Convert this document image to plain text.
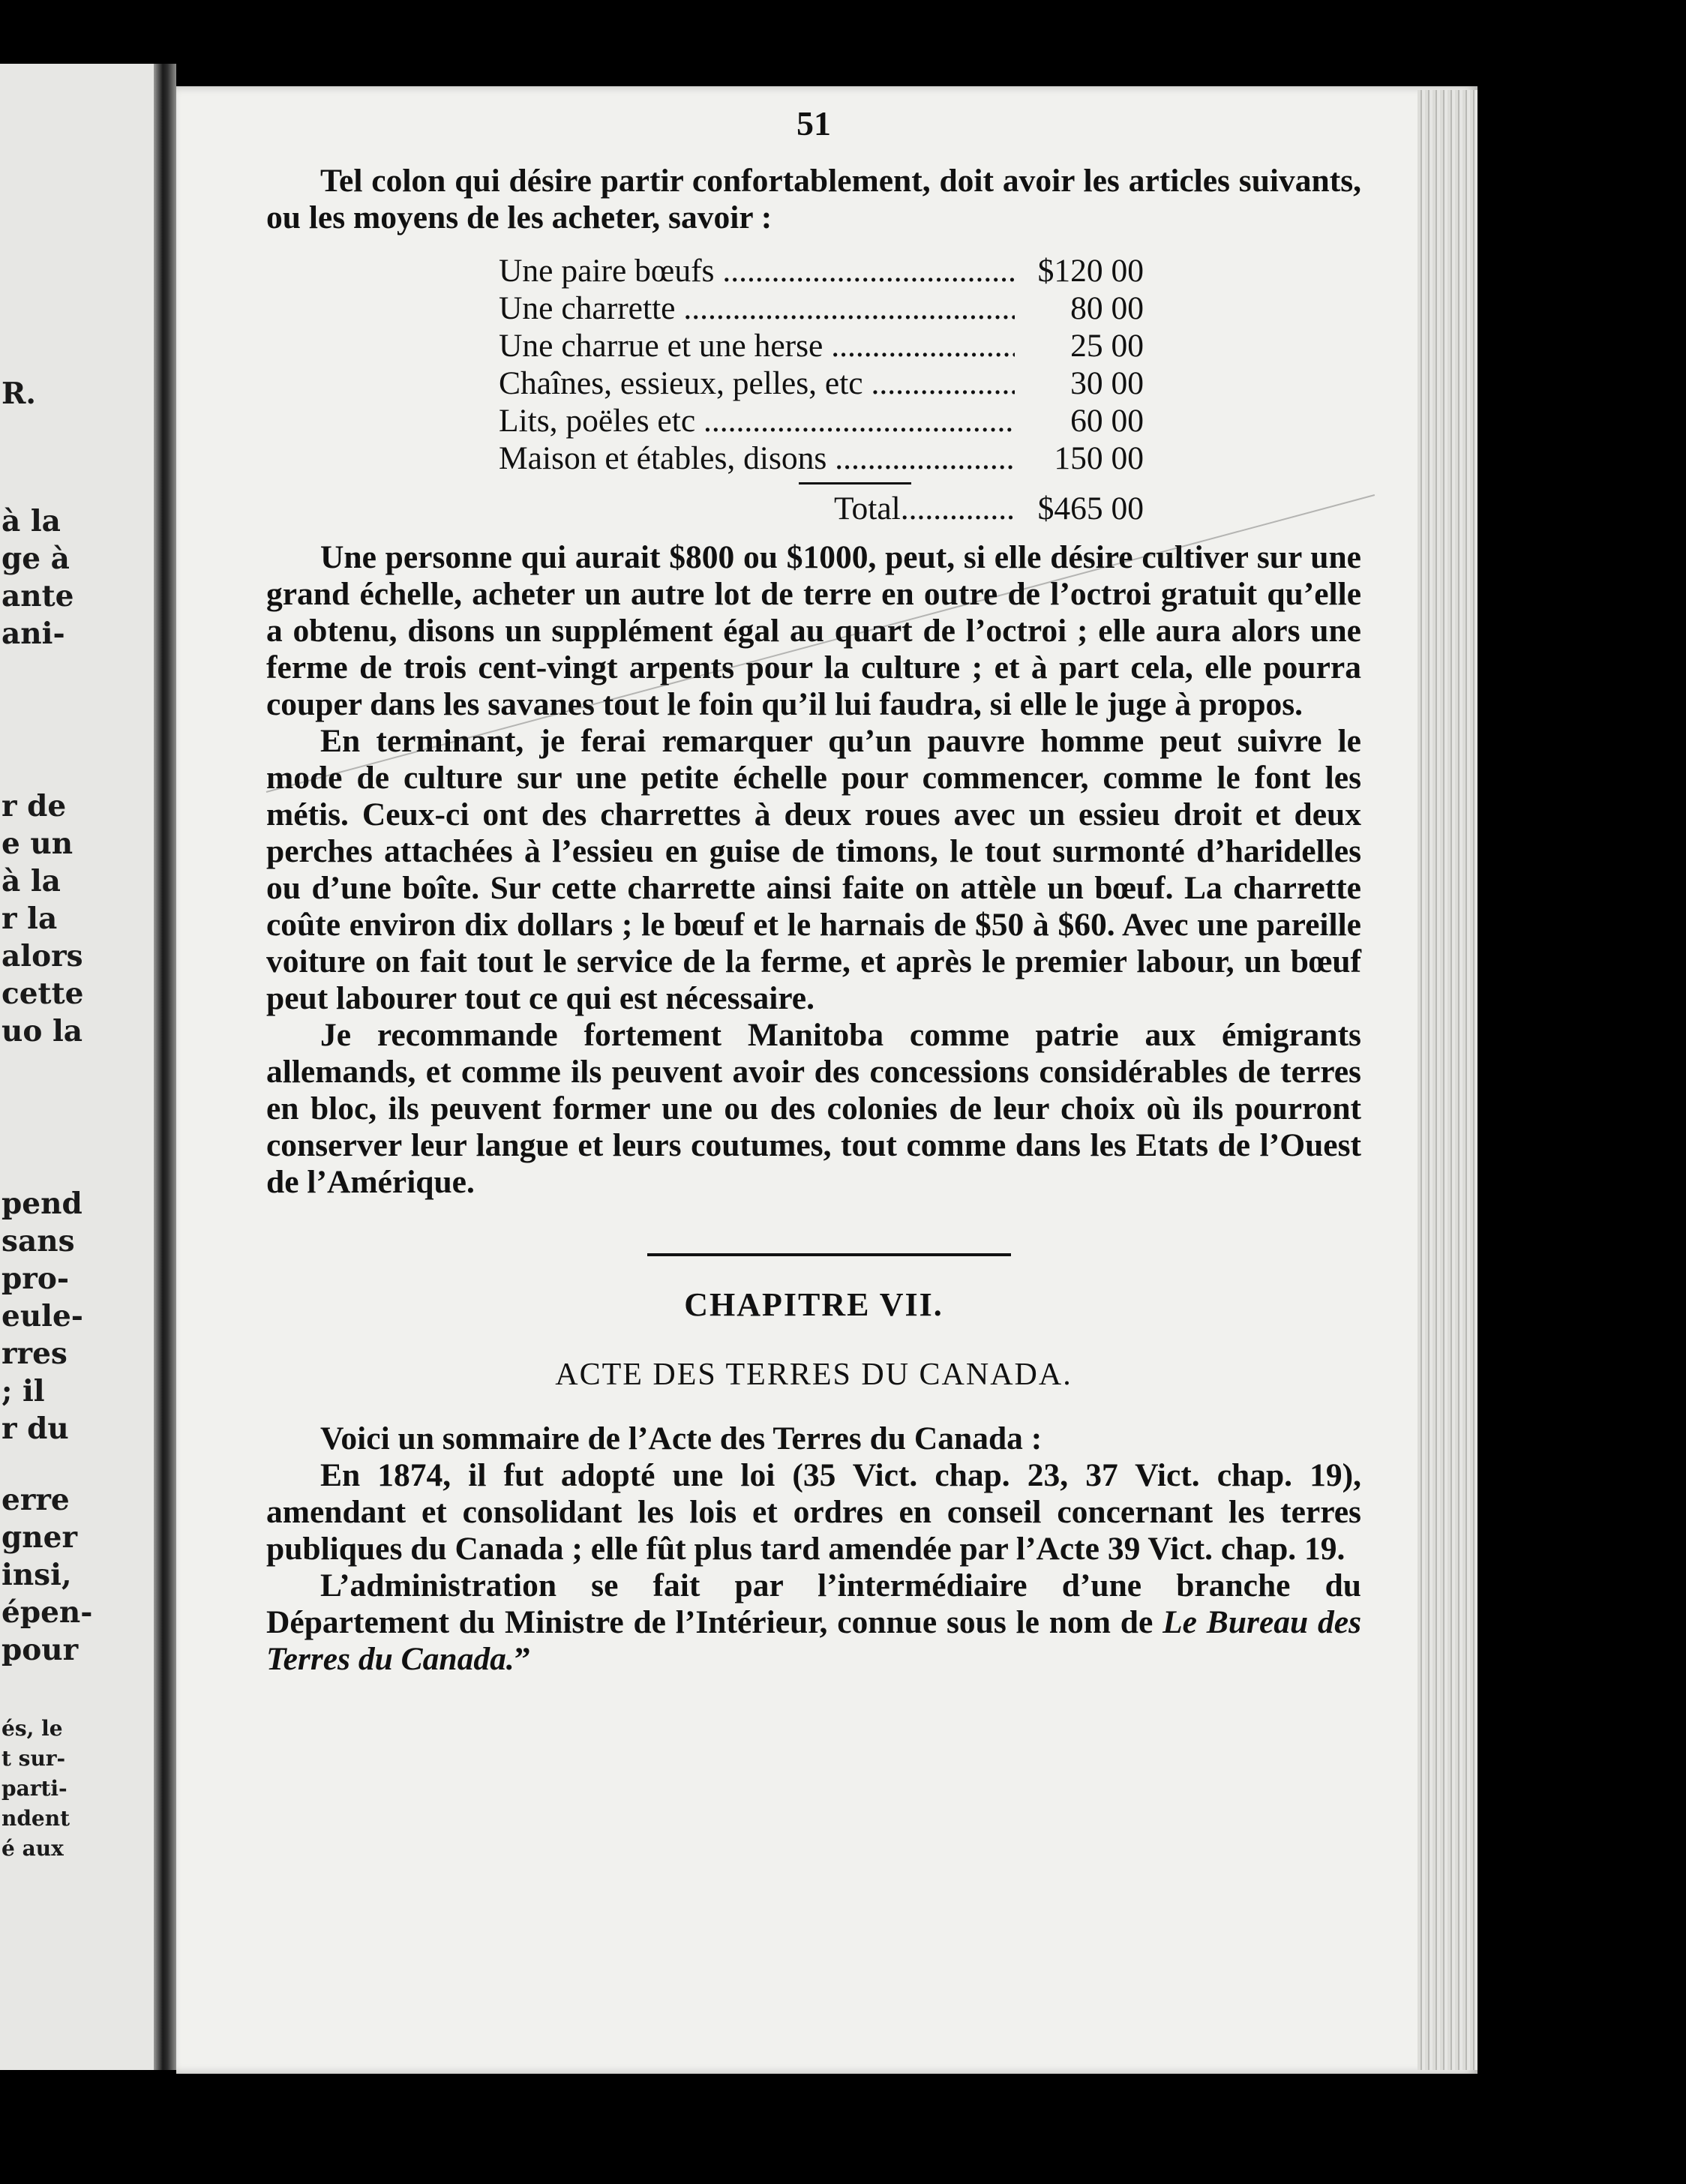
R.
à la
ge à
ante
ani-
r de
e un
à la
r la
alors
cette
uo la
pend
sans
pro-
eule-
rres
; il
r du
erre
gner
insi,
épen-
pour
és, le
t sur-
parti-
ndent
é aux
51

Tel colon qui désire partir confortablement, doit avoir les articles suivants, ou les moyens de les acheter, savoir :

Une paire bœufs .....	$120 00
Une charrette .....	80 00
Une charrue et une herse .....	25 00
Chaînes, essieux, pelles, etc .....	30 00
Lits, poëles etc .....	60 00
Maison et étables, disons .....	150 00
Total.............. $465 00

Une personne qui aurait $800 ou $1000, peut, si elle désire cultiver sur une grand échelle, acheter un autre lot de terre en outre de l’octroi gratuit qu’elle a obtenu, disons un supplément égal au quart de l’octroi ; elle aura alors une ferme de trois cent-vingt arpents pour la culture ; et à part cela, elle pourra couper dans les savanes tout le foin qu’il lui faudra, si elle le juge à propos.

En terminant, je ferai remarquer qu’un pauvre homme peut suivre le mode de culture sur une petite échelle pour commencer, comme le font les métis. Ceux-ci ont des charrettes à deux roues avec un essieu droit et deux perches attachées à l’essieu en guise de timons, le tout surmonté d’haridelles ou d’une boîte. Sur cette charrette ainsi faite on attèle un bœuf. La charrette coûte environ dix dollars ; le bœuf et le harnais de $50 à $60. Avec une pareille voiture on fait tout le service de la ferme, et après le premier labour, un bœuf peut labourer tout ce qui est nécessaire.

Je recommande fortement Manitoba comme patrie aux émigrants allemands, et comme ils peuvent avoir des concessions considérables de terres en bloc, ils peuvent former une ou des colonies de leur choix où ils pourront conserver leur langue et leurs coutumes, tout comme dans les Etats de l’Ouest de l’Amérique.

CHAPITRE VII.
ACTE DES TERRES DU CANADA.

Voici un sommaire de l’Acte des Terres du Canada :

En 1874, il fut adopté une loi (35 Vict. chap. 23, 37 Vict. chap. 19), amendant et consolidant les lois et ordres en conseil concernant les terres publiques du Canada ; elle fût plus tard amendée par l’Acte 39 Vict. chap. 19.

L’administration se fait par l’intermédiaire d’une branche du Département du Ministre de l’Intérieur, connue sous le nom de Le Bureau des Terres du Canada.”
